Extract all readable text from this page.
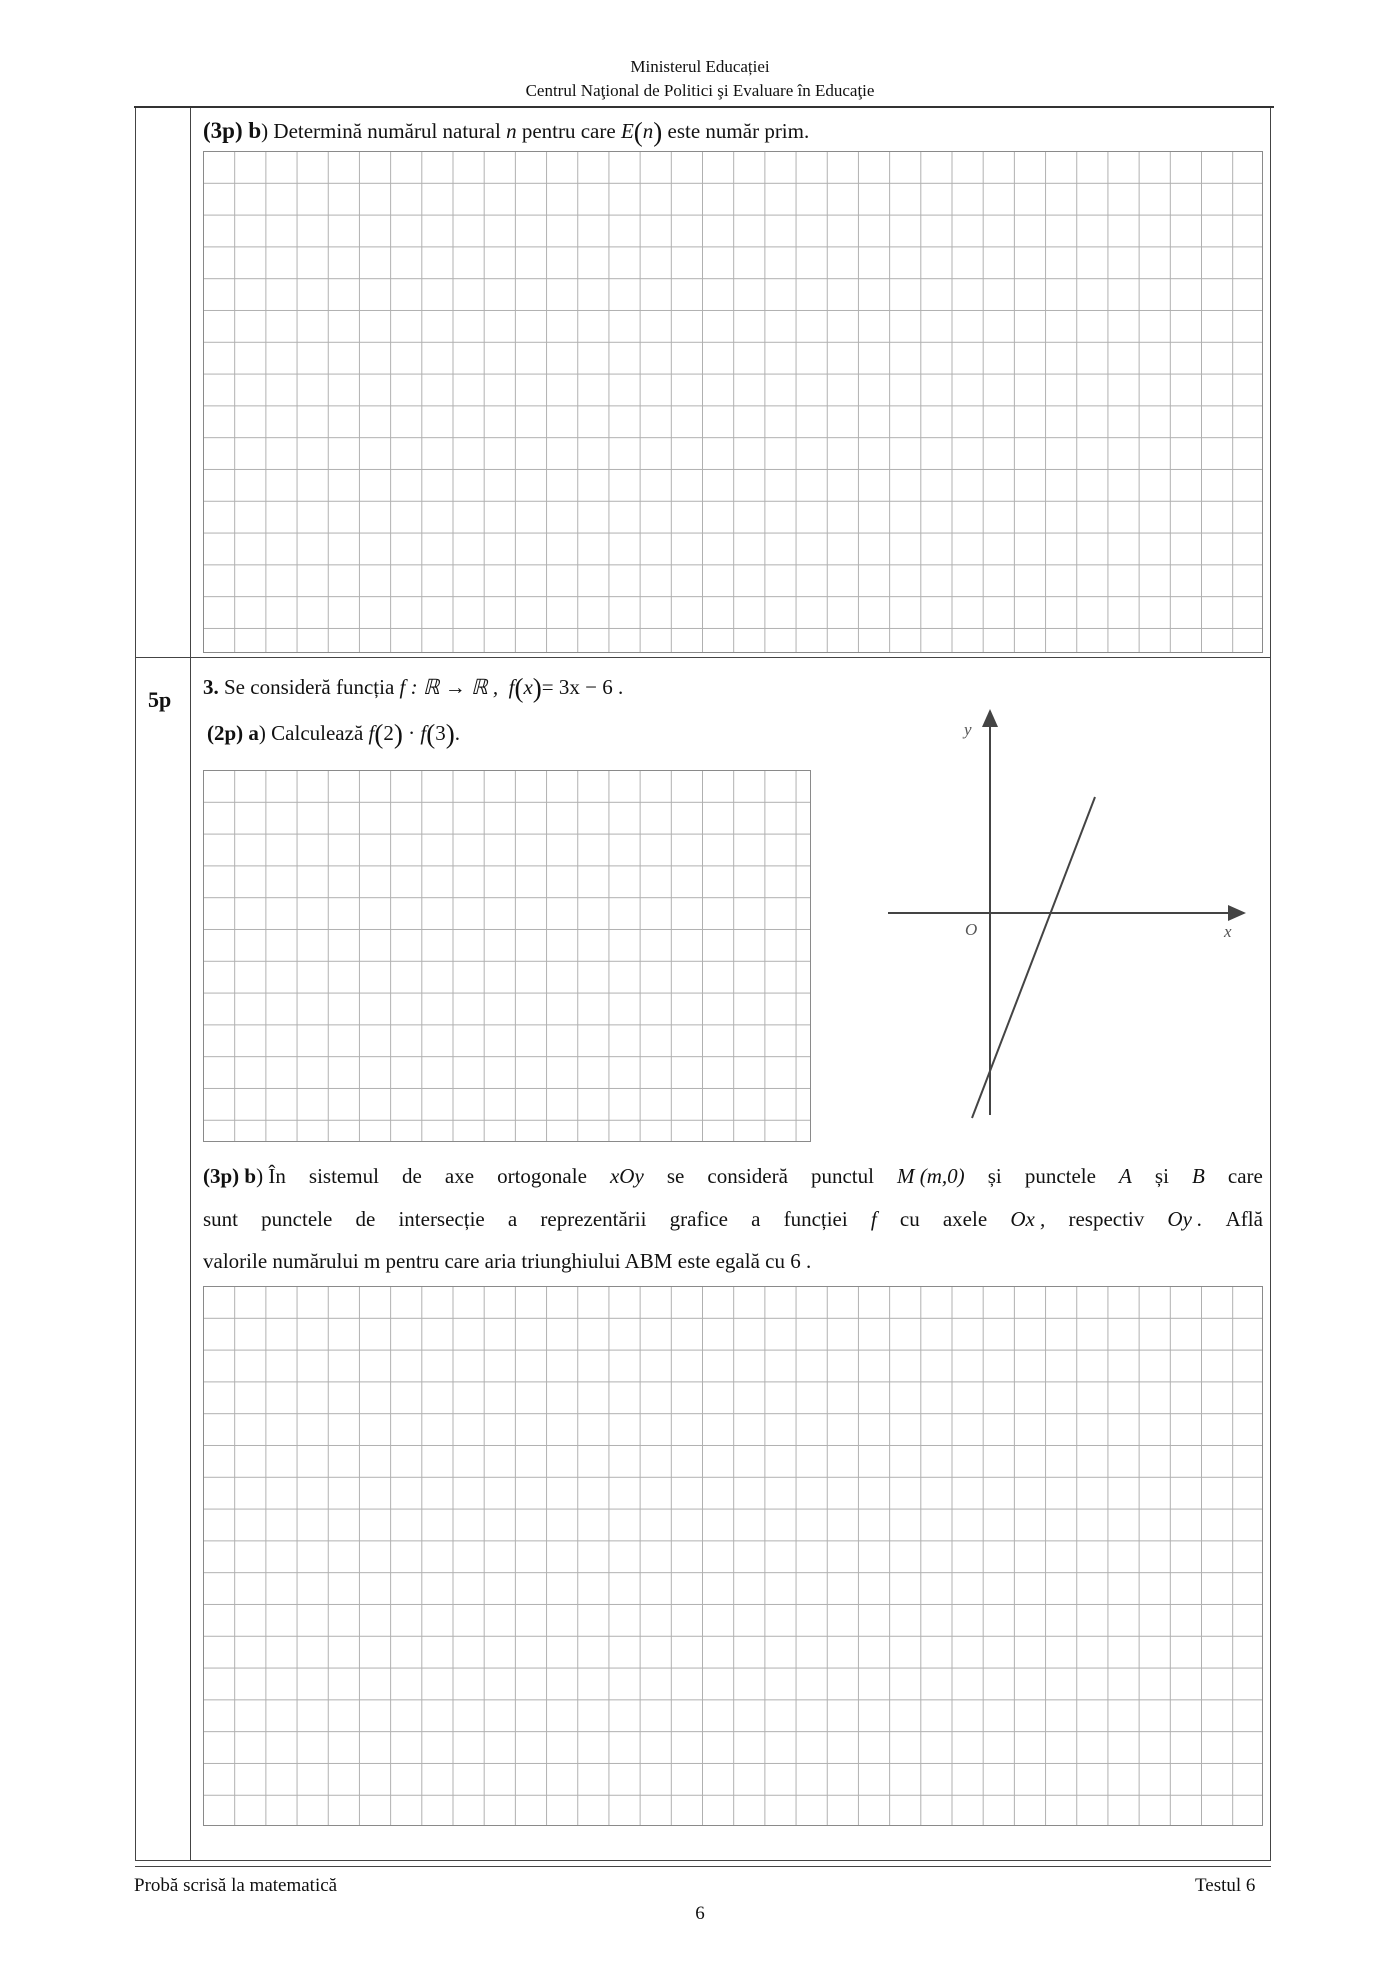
Ministerul Educației
Centrul Naţional de Politici şi Evaluare în Educaţie
(3p) b) Determină numărul natural n pentru care E(n) este număr prim.
5p 3. Se consideră funcția f : ℝ → ℝ , f(x)= 3x − 6 .
(2p) a) Calculează f(2) · f(3).	y
x
O
(3p) b) În sistemul de axe ortogonale xOy se consideră punctul M (m,0) și punctele A și B care
sunt punctele de intersecție a reprezentării grafice a funcției f cu axele Ox , respectiv Oy . Află
valorile numărului m pentru care aria triunghiului ABM este egală cu 6 .
Probă scrisă la matematică	Testul 6
6
